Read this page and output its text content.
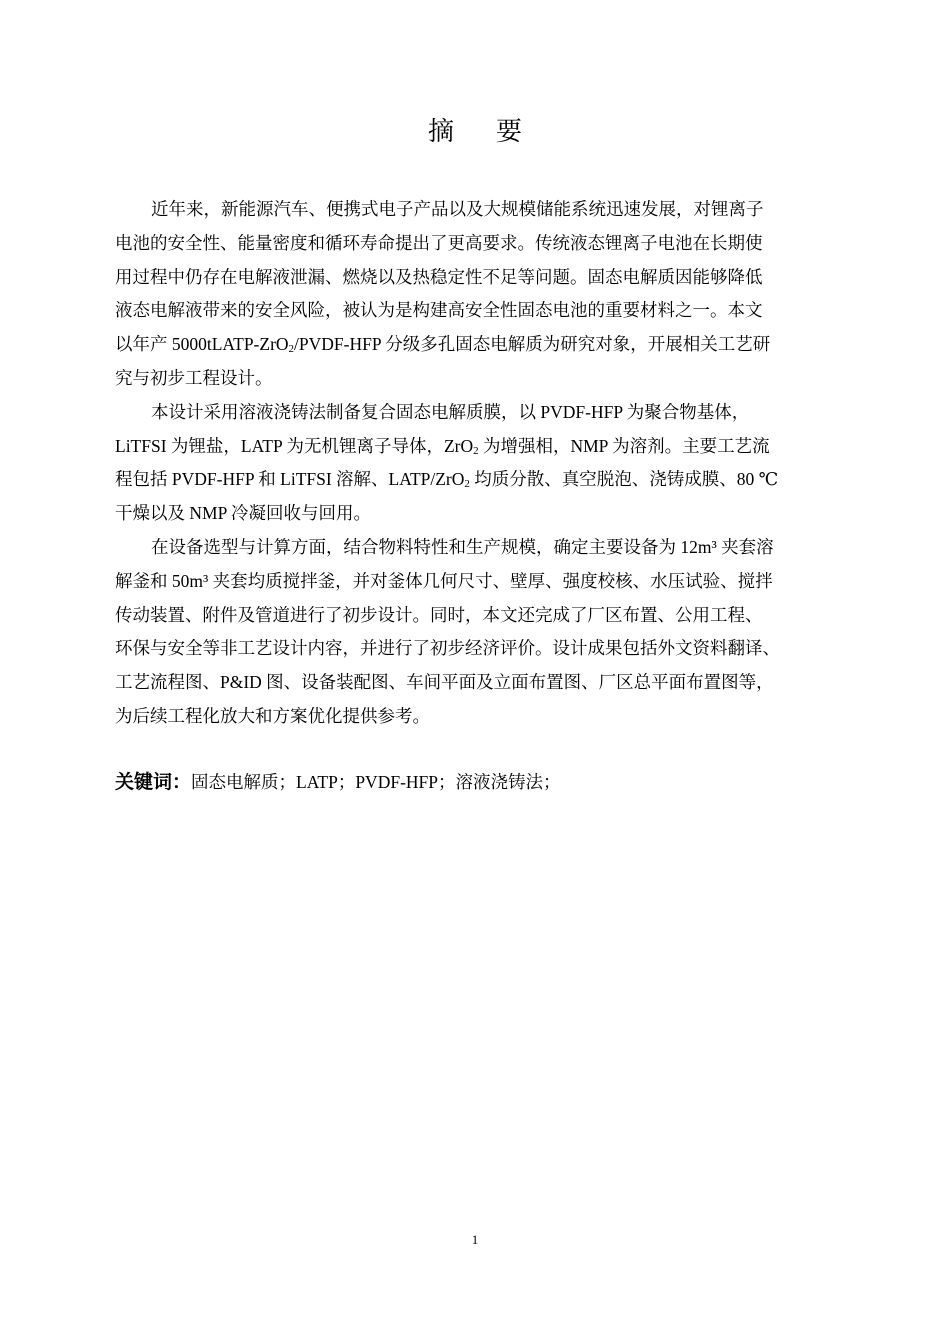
摘 要
近年来，新能源汽车、便携式电子产品以及大规模储能系统迅速发展，对锂离子
电池的安全性、能量密度和循环寿命提出了更高要求。传统液态锂离子电池在长期使
用过程中仍存在电解液泄漏、燃烧以及热稳定性不足等问题。固态电解质因能够降低
液态电解液带来的安全风险，被认为是构建高安全性固态电池的重要材料之一。本文
以年产 5000tLATP-ZrO$_2$/PVDF-HFP 分级多孔固态电解质为研究对象，开展相关工艺研
究与初步工程设计。
本设计采用溶液浇铸法制备复合固态电解质膜，以 PVDF-HFP 为聚合物基体，
LiTFSI 为锂盐，LATP 为无机锂离子导体，ZrO$_2$ 为增强相，NMP 为溶剂。主要工艺流
程包括 PVDF-HFP 和 LiTFSI 溶解、LATP/ZrO$_2$ 均质分散、真空脱泡、浇铸成膜、80 ℃
干燥以及 NMP 冷凝回收与回用。
在设备选型与计算方面，结合物料特性和生产规模，确定主要设备为 12m³ 夹套溶
解釜和 50m³ 夹套均质搅拌釜，并对釜体几何尺寸、壁厚、强度校核、水压试验、搅拌
传动装置、附件及管道进行了初步设计。同时，本文还完成了厂区布置、公用工程、
环保与安全等非工艺设计内容，并进行了初步经济评价。设计成果包括外文资料翻译、
工艺流程图、P&ID 图、设备装配图、车间平面及立面布置图、厂区总平面布置图等，
为后续工程化放大和方案优化提供参考。
关键词：固态电解质；LATP；PVDF-HFP；溶液浇铸法；
1
